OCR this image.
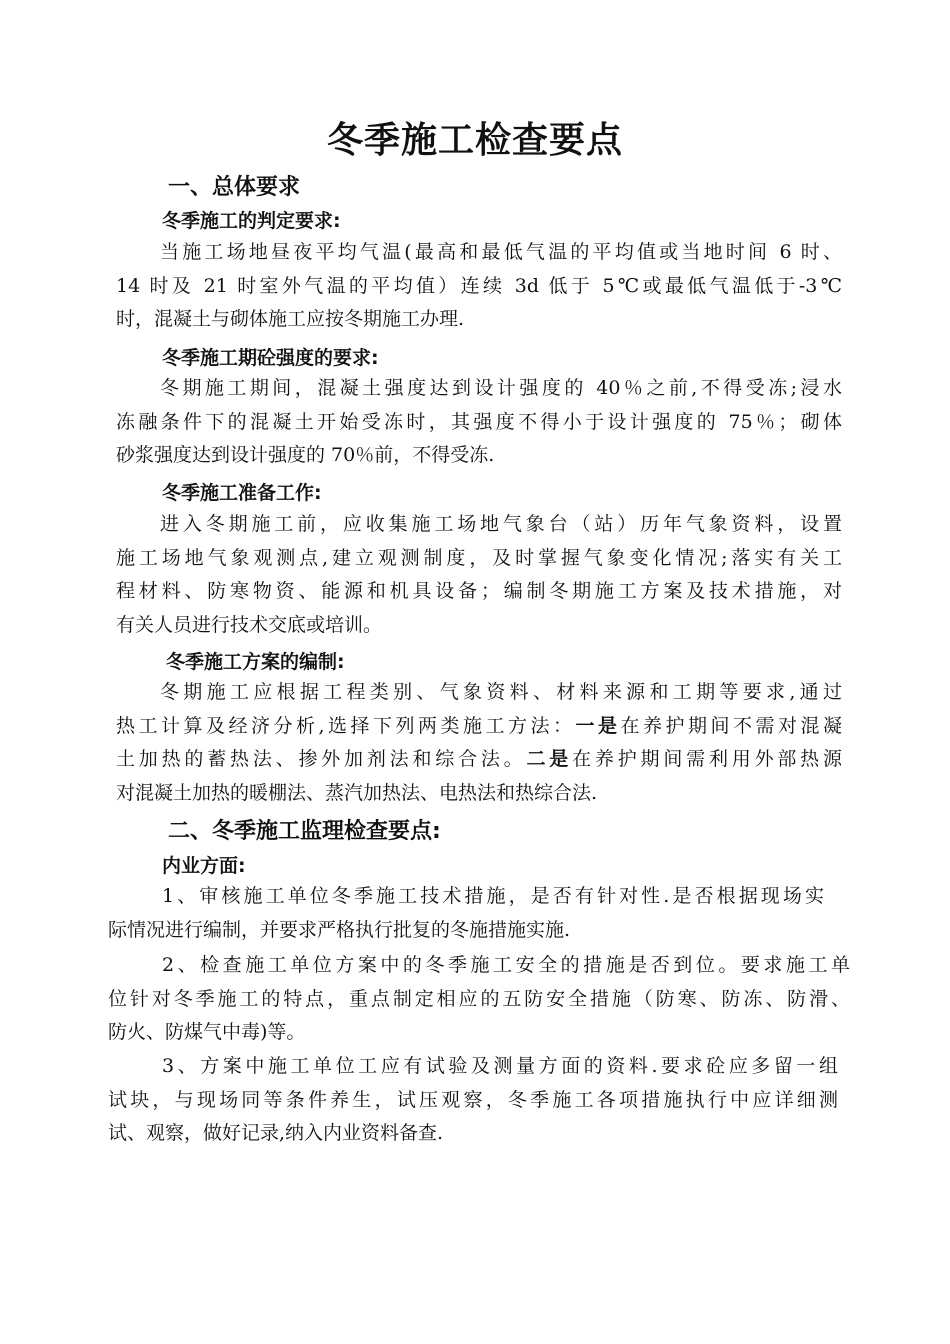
冬季施工检查要点
一、总体要求
冬季施工的判定要求:
当施工场地昼夜平均气温(最高和最低气温的平均值或当地时间 6 时、
14 时及 21 时室外气温的平均值）连续 3d 低于 5℃或最低气温低于-3℃
时，混凝土与砌体施工应按冬期施工办理.
冬季施工期砼强度的要求:
冬期施工期间，混凝土强度达到设计强度的 40％之前,不得受冻;浸水
冻融条件下的混凝土开始受冻时，其强度不得小于设计强度的 75％；砌体
砂浆强度达到设计强度的 70％前，不得受冻.
冬季施工准备工作:
进入冬期施工前，应收集施工场地气象台（站）历年气象资料，设置
施工场地气象观测点,建立观测制度，及时掌握气象变化情况;落实有关工
程材料、防寒物资、能源和机具设备；编制冬期施工方案及技术措施，对
有关人员进行技术交底或培训。
冬季施工方案的编制:
冬期施工应根据工程类别、气象资料、材料来源和工期等要求,通过
热工计算及经济分析,选择下列两类施工方法：一是在养护期间不需对混凝
土加热的蓄热法、掺外加剂法和综合法。二是在养护期间需利用外部热源
对混凝土加热的暖棚法、蒸汽加热法、电热法和热综合法.
二、冬季施工监理检查要点:
内业方面:
1、审核施工单位冬季施工技术措施，是否有针对性.是否根据现场实
际情况进行编制，并要求严格执行批复的冬施措施实施.
2、检查施工单位方案中的冬季施工安全的措施是否到位。要求施工单
位针对冬季施工的特点，重点制定相应的五防安全措施（防寒、防冻、防滑、
防火、防煤气中毒)等。
3、方案中施工单位工应有试验及测量方面的资料.要求砼应多留一组
试块，与现场同等条件养生，试压观察，冬季施工各项措施执行中应详细测
试、观察，做好记录,纳入内业资料备查.
